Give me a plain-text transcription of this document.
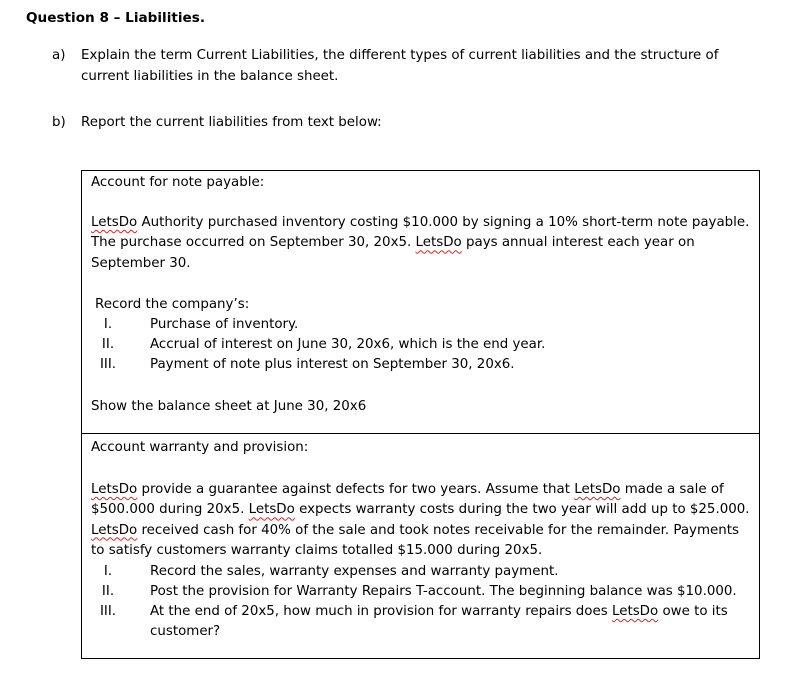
Question 8 – Liabilities.
a) Explain the term Current Liabilities, the different types of current liabilities and the structure of
current liabilities in the balance sheet.
b) Report the current liabilities from text below:
Account for note payable:
LetsDo Authority purchased inventory costing $10.000 by signing a 10% short-term note payable.
The purchase occurred on September 30, 20x5. LetsDo pays annual interest each year on
September 30.
Record the company’s:
I.	Purchase of inventory.
II.	Accrual of interest on June 30, 20x6, which is the end year.
III.	Payment of note plus interest on September 30, 20x6.
Show the balance sheet at June 30, 20x6
Account warranty and provision:
LetsDo provide a guarantee against defects for two years. Assume that LetsDo made a sale of
$500.000 during 20x5. LetsDo expects warranty costs during the two year will add up to $25.000.
LetsDo received cash for 40% of the sale and took notes receivable for the remainder. Payments
to satisfy customers warranty claims totalled $15.000 during 20x5.
I.	Record the sales, warranty expenses and warranty payment.
II.	Post the provision for Warranty Repairs T-account. The beginning balance was $10.000.
III.	At the end of 20x5, how much in provision for warranty repairs does LetsDo owe to its
customer?
